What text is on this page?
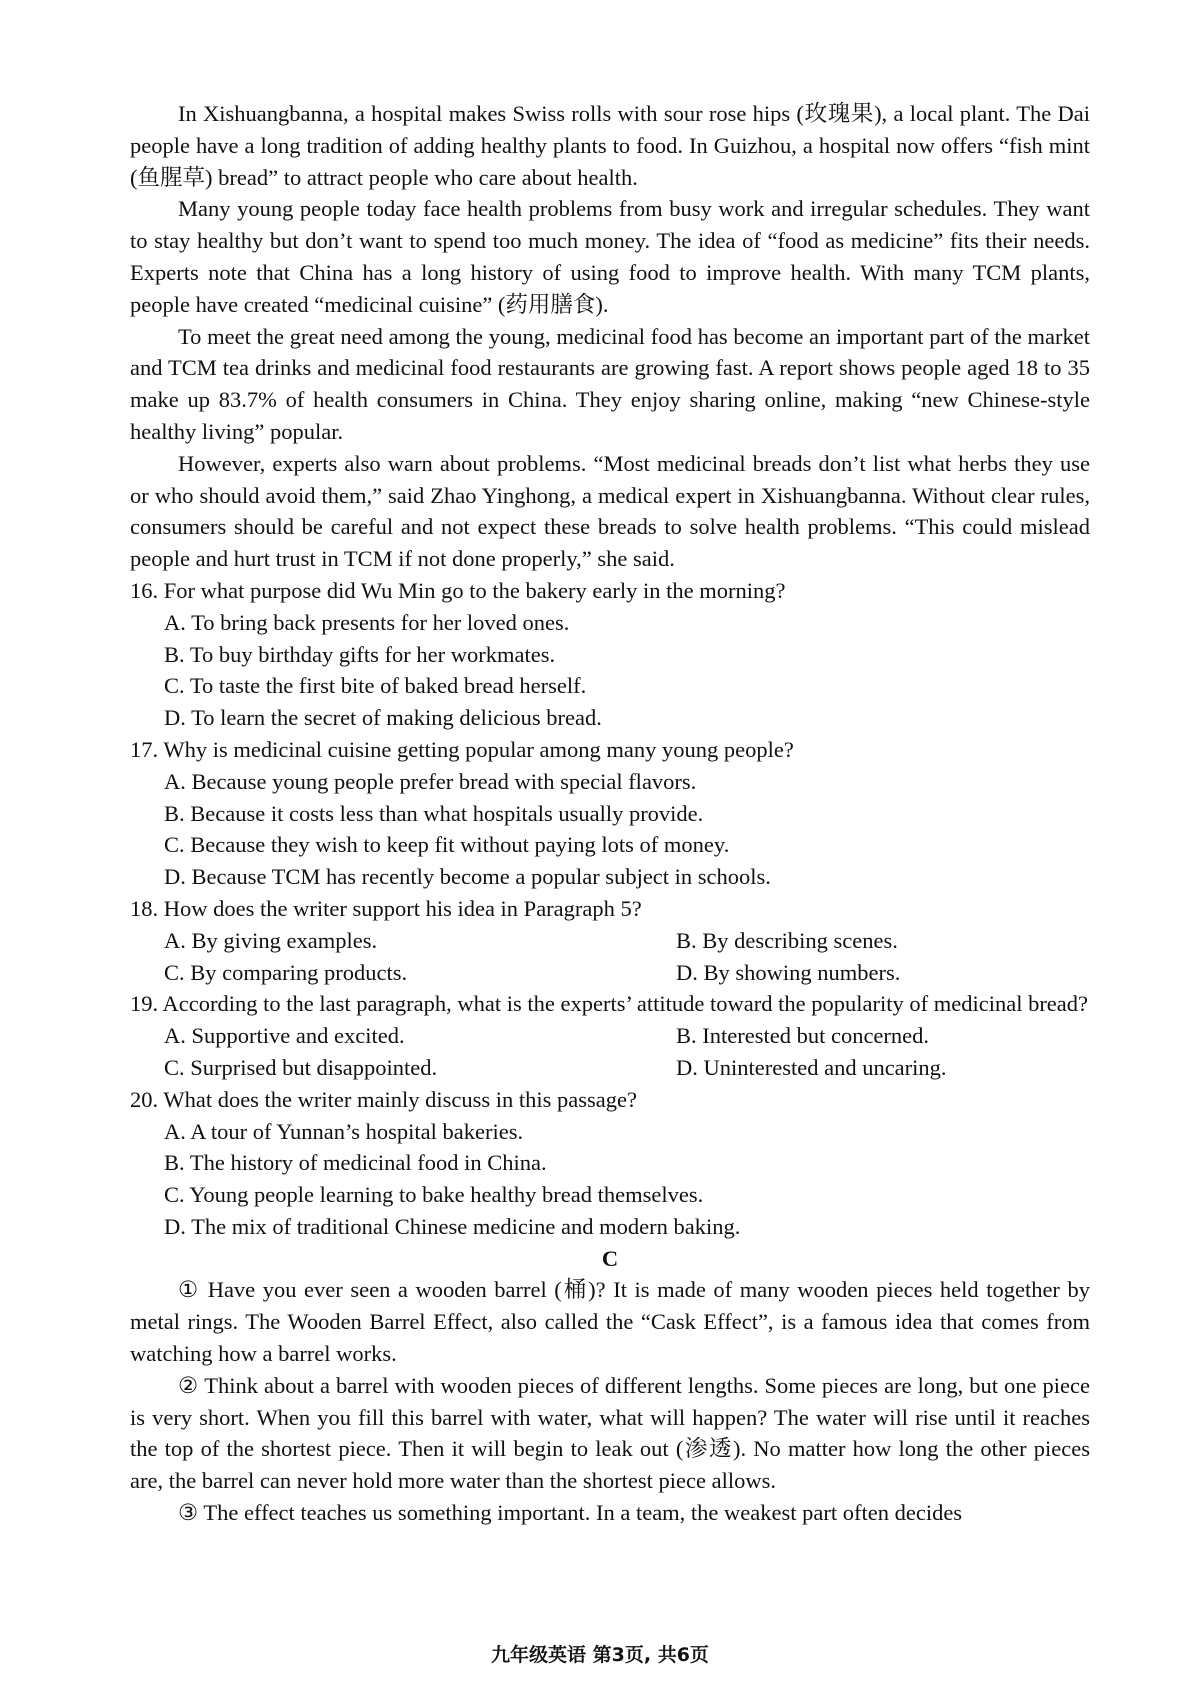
In Xishuangbanna, a hospital makes Swiss rolls with sour rose hips (玫瑰果), a local plant. The Dai people have a long tradition of adding healthy plants to food. In Guizhou, a hospital now offers “fish mint (鱼腥草) bread” to attract people who care about health.

Many young people today face health problems from busy work and irregular schedules. They want to stay healthy but don’t want to spend too much money. The idea of “food as medicine” fits their needs. Experts note that China has a long history of using food to improve health. With many TCM plants, people have created “medicinal cuisine” (药用膳食).

To meet the great need among the young, medicinal food has become an important part of the market and TCM tea drinks and medicinal food restaurants are growing fast. A report shows people aged 18 to 35 make up 83.7% of health consumers in China. They enjoy sharing online, making “new Chinese-style healthy living” popular.

However, experts also warn about problems. “Most medicinal breads don’t list what herbs they use or who should avoid them,” said Zhao Yinghong, a medical expert in Xishuangbanna. Without clear rules, consumers should be careful and not expect these breads to solve health problems. “This could mislead people and hurt trust in TCM if not done properly,” she said.

16. For what purpose did Wu Min go to the bakery early in the morning?

A. To bring back presents for her loved ones.

B. To buy birthday gifts for her workmates.

C. To taste the first bite of baked bread herself.

D. To learn the secret of making delicious bread.

17. Why is medicinal cuisine getting popular among many young people?

A. Because young people prefer bread with special flavors.

B. Because it costs less than what hospitals usually provide.

C. Because they wish to keep fit without paying lots of money.

D. Because TCM has recently become a popular subject in schools.

18. How does the writer support his idea in Paragraph 5?

A. By giving examples.	B. By describing scenes.
C. By comparing products.	D. By showing numbers.

19. According to the last paragraph, what is the experts’ attitude toward the popularity of medicinal bread?

A. Supportive and excited.	B. Interested but concerned.
C. Surprised but disappointed.	D. Uninterested and uncaring.

20. What does the writer mainly discuss in this passage?

A. A tour of Yunnan’s hospital bakeries.

B. The history of medicinal food in China.

C. Young people learning to bake healthy bread themselves.

D. The mix of traditional Chinese medicine and modern baking.

C

① Have you ever seen a wooden barrel (桶)? It is made of many wooden pieces held together by metal rings. The Wooden Barrel Effect, also called the “Cask Effect”, is a famous idea that comes from watching how a barrel works.

② Think about a barrel with wooden pieces of different lengths. Some pieces are long, but one piece is very short. When you fill this barrel with water, what will happen? The water will rise until it reaches the top of the shortest piece. Then it will begin to leak out (渗透). No matter how long the other pieces are, the barrel can never hold more water than the shortest piece allows.

③ The effect teaches us something important. In a team, the weakest part often decides

九年级英语 第3页, 共6页
